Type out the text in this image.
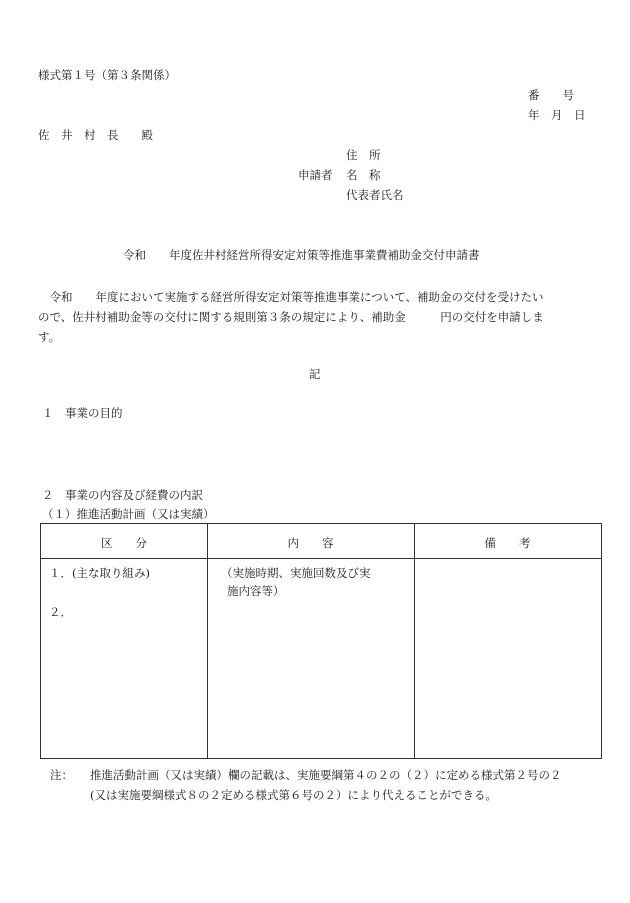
様式第１号（第３条関係）
番　　号
年　月　日
佐　井　村　長　　殿
住　所
申請者 名　称
代表者氏名
令和　　年度佐井村経営所得安定対策等推進事業費補助金交付申請書
　令和　　年度において実施する経営所得安定対策等推進事業について、補助金の交付を受けたい
ので、佐井村補助金等の交付に関する規則第３条の規定により、補助金　　　円の交付を申請しま
す。
記
１　事業の目的
２　事業の内容及び経費の内訳
（１）推進活動計画（又は実績）
区　　分	内　　容	備　　考
１．(主な取り組み)
２．
（実施時期、実施回数及び実
施内容等）
注： 推進活動計画（又は実績）欄の記載は、実施要綱第４の２の（２）に定める様式第２号の２
(又は実施要綱様式８の２定める様式第６号の２）により代えることができる。
